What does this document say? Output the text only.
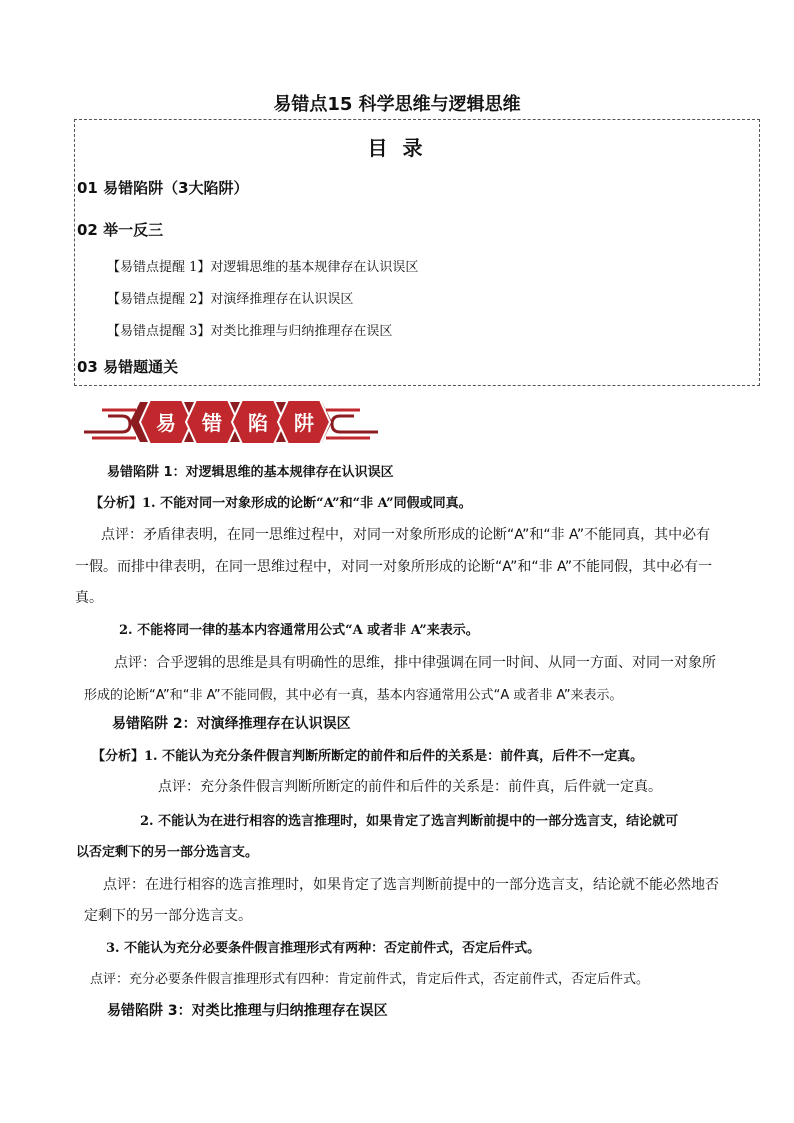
易错点15 科学思维与逻辑思维
目 录
01 易错陷阱（3大陷阱）
02 举一反三
【易错点提醒 1】对逻辑思维的基本规律存在认识误区
【易错点提醒 2】对演绎推理存在认识误区
【易错点提醒 3】对类比推理与归纳推理存在误区
03 易错题通关
易 错 陷 阱
易错陷阱 1：对逻辑思维的基本规律存在认识误区
【分析】1. 不能对同一对象形成的论断“A”和“非 A”同假或同真。
点评：矛盾律表明，在同一思维过程中，对同一对象所形成的论断“A”和“非 A”不能同真，其中必有
一假。而排中律表明，在同一思维过程中，对同一对象所形成的论断“A”和“非 A”不能同假，其中必有一
真。
2. 不能将同一律的基本内容通常用公式“A 或者非 A”来表示。
点评：合乎逻辑的思维是具有明确性的思维，排中律强调在同一时间、从同一方面、对同一对象所
形成的论断“A”和“非 A”不能同假，其中必有一真，基本内容通常用公式“A 或者非 A”来表示。
易错陷阱 2：对演绎推理存在认识误区
【分析】1. 不能认为充分条件假言判断所断定的前件和后件的关系是：前件真，后件不一定真。
点评：充分条件假言判断所断定的前件和后件的关系是：前件真，后件就一定真。
2. 不能认为在进行相容的选言推理时，如果肯定了选言判断前提中的一部分选言支，结论就可
以否定剩下的另一部分选言支。
点评：在进行相容的选言推理时，如果肯定了选言判断前提中的一部分选言支，结论就不能必然地否
定剩下的另一部分选言支。
3. 不能认为充分必要条件假言推理形式有两种：否定前件式，否定后件式。
点评：充分必要条件假言推理形式有四种：肯定前件式，肯定后件式，否定前件式，否定后件式。
易错陷阱 3：对类比推理与归纳推理存在误区
